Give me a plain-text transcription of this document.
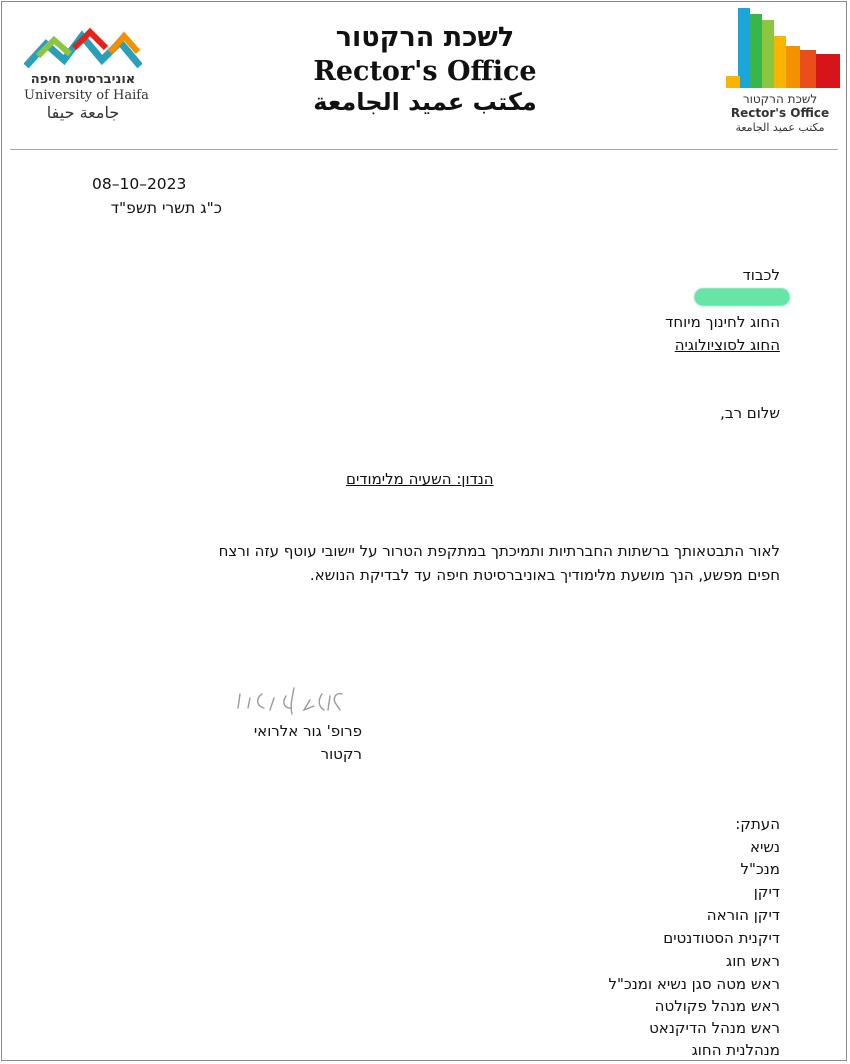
אוניברסיטת חיפה
University of Haifa
جامعة حيفا
לשכת הרקטור
Rector's Office
مكتب عميد الجامعة	לשכת הרקטור
Rector's Office
مكتب عميد الجامعة
08–10–2023
כ"ג תשרי תשפ"ד
לכבוד
החוג לחינוך מיוחד
החוג לסוציולוגיה
שלום רב,
הנדון: השעיה מלימודים
לאור התבטאותך ברשתות החברתיות ותמיכתך במתקפת הטרור על יישובי עוטף עזה ורצח חפים מפשע, הנך מושעת מלימודיך באוניברסיטת חיפה עד לבדיקת הנושא.
פרופ' גור אלרואי
רקטור
העתק:
נשיא
מנכ"ל
דיקן
דיקן הוראה
דיקנית הסטודנטים
ראש חוג
ראש מטה סגן נשיא ומנכ"ל
ראש מנהל פקולטה
ראש מנהל הדיקנאט
מנהלנית החוג
